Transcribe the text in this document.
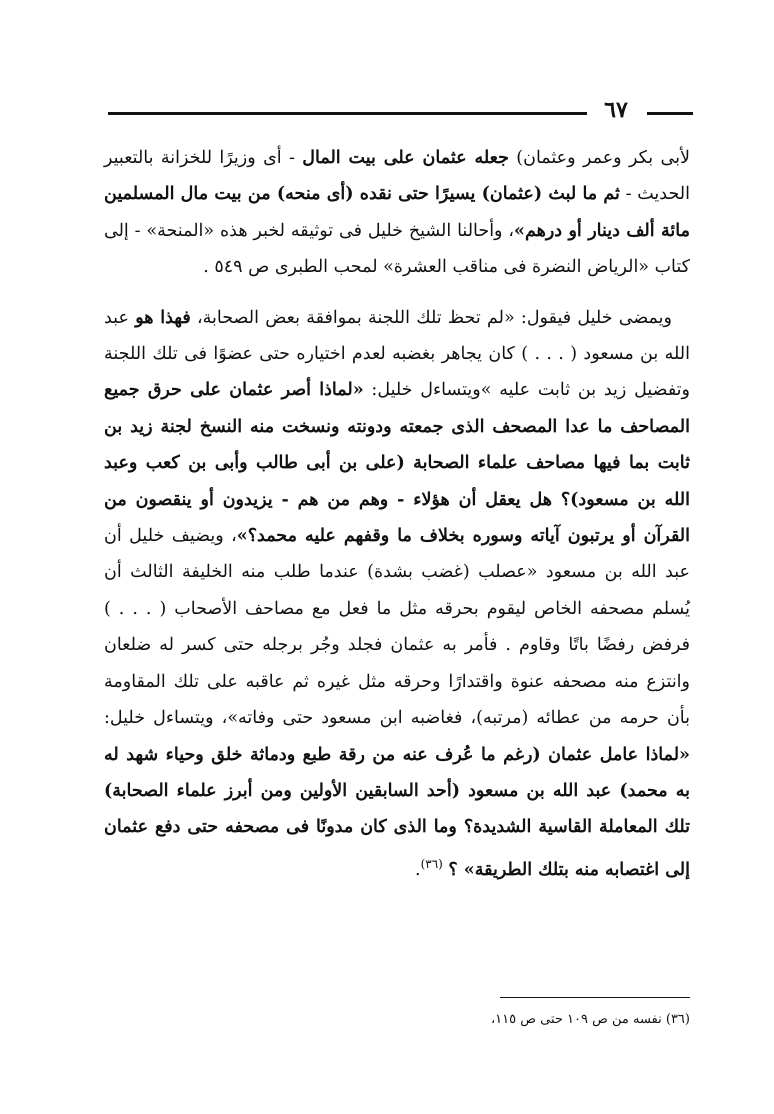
٦٧

لأبى بكر وعمر وعثمان) جعله عثمان على بيت المال - أى وزيرًا للخزانة بالتعبير الحديث - ثم ما لبث (عثمان) يسيرًا حتى نقده (أى منحه) من بيت مال المسلمين مائة ألف دينار أو درهم»، وأحالنا الشيخ خليل فى توثيقه لخبر هذه «المنحة» - إلى كتاب «الرياض النضرة فى مناقب العشرة» لمحب الطبرى ص ٥٤٩ .

ويمضى خليل فيقول: «لم تحظ تلك اللجنة بموافقة بعض الصحابة، فهذا هو عبد الله بن مسعود ( . . . ) كان يجاهر بغضبه لعدم اختياره حتى عضوًا فى تلك اللجنة وتفضيل زيد بن ثابت عليه »ويتساءل خليل: «لماذا أصر عثمان على حرق جميع المصاحف ما عدا المصحف الذى جمعته ودونته ونسخت منه النسخ لجنة زيد بن ثابت بما فيها مصاحف علماء الصحابة (على بن أبى طالب وأبى بن كعب وعبد الله بن مسعود)؟ هل يعقل أن هؤلاء - وهم من هم - يزيدون أو ينقصون من القرآن أو يرتبون آياته وسوره بخلاف ما وقفهم عليه محمد؟»، ويضيف خليل أن عبد الله بن مسعود «عصلب (غضب بشدة) عندما طلب منه الخليفة الثالث أن يُسلم مصحفه الخاص ليقوم بحرقه مثل ما فعل مع مصاحف الأصحاب ( . . . ) فرفض رفضًا باتًا وقاوم . فأمر به عثمان فجلد وجُر برجله حتى كسر له ضلعان وانتزع منه مصحفه عنوة واقتدارًا وحرقه مثل غيره ثم عاقبه على تلك المقاومة بأن حرمه من عطائه (مرتبه)، فغاضبه ابن مسعود حتى وفاته»، ويتساءل خليل: «لماذا عامل عثمان (رغم ما عُرف عنه من رقة طبع ودماثة خلق وحياء شهد له به محمد) عبد الله بن مسعود (أحد السابقين الأولين ومن أبرز علماء الصحابة) تلك المعاملة القاسية الشديدة؟ وما الذى كان مدونًا فى مصحفه حتى دفع عثمان إلى اغتصابه منه بتلك الطريقة» ؟ $^{(٣٦)}$.

(٣٦) نفسه من ص ١٠٩ حتى ص ١١٥،
